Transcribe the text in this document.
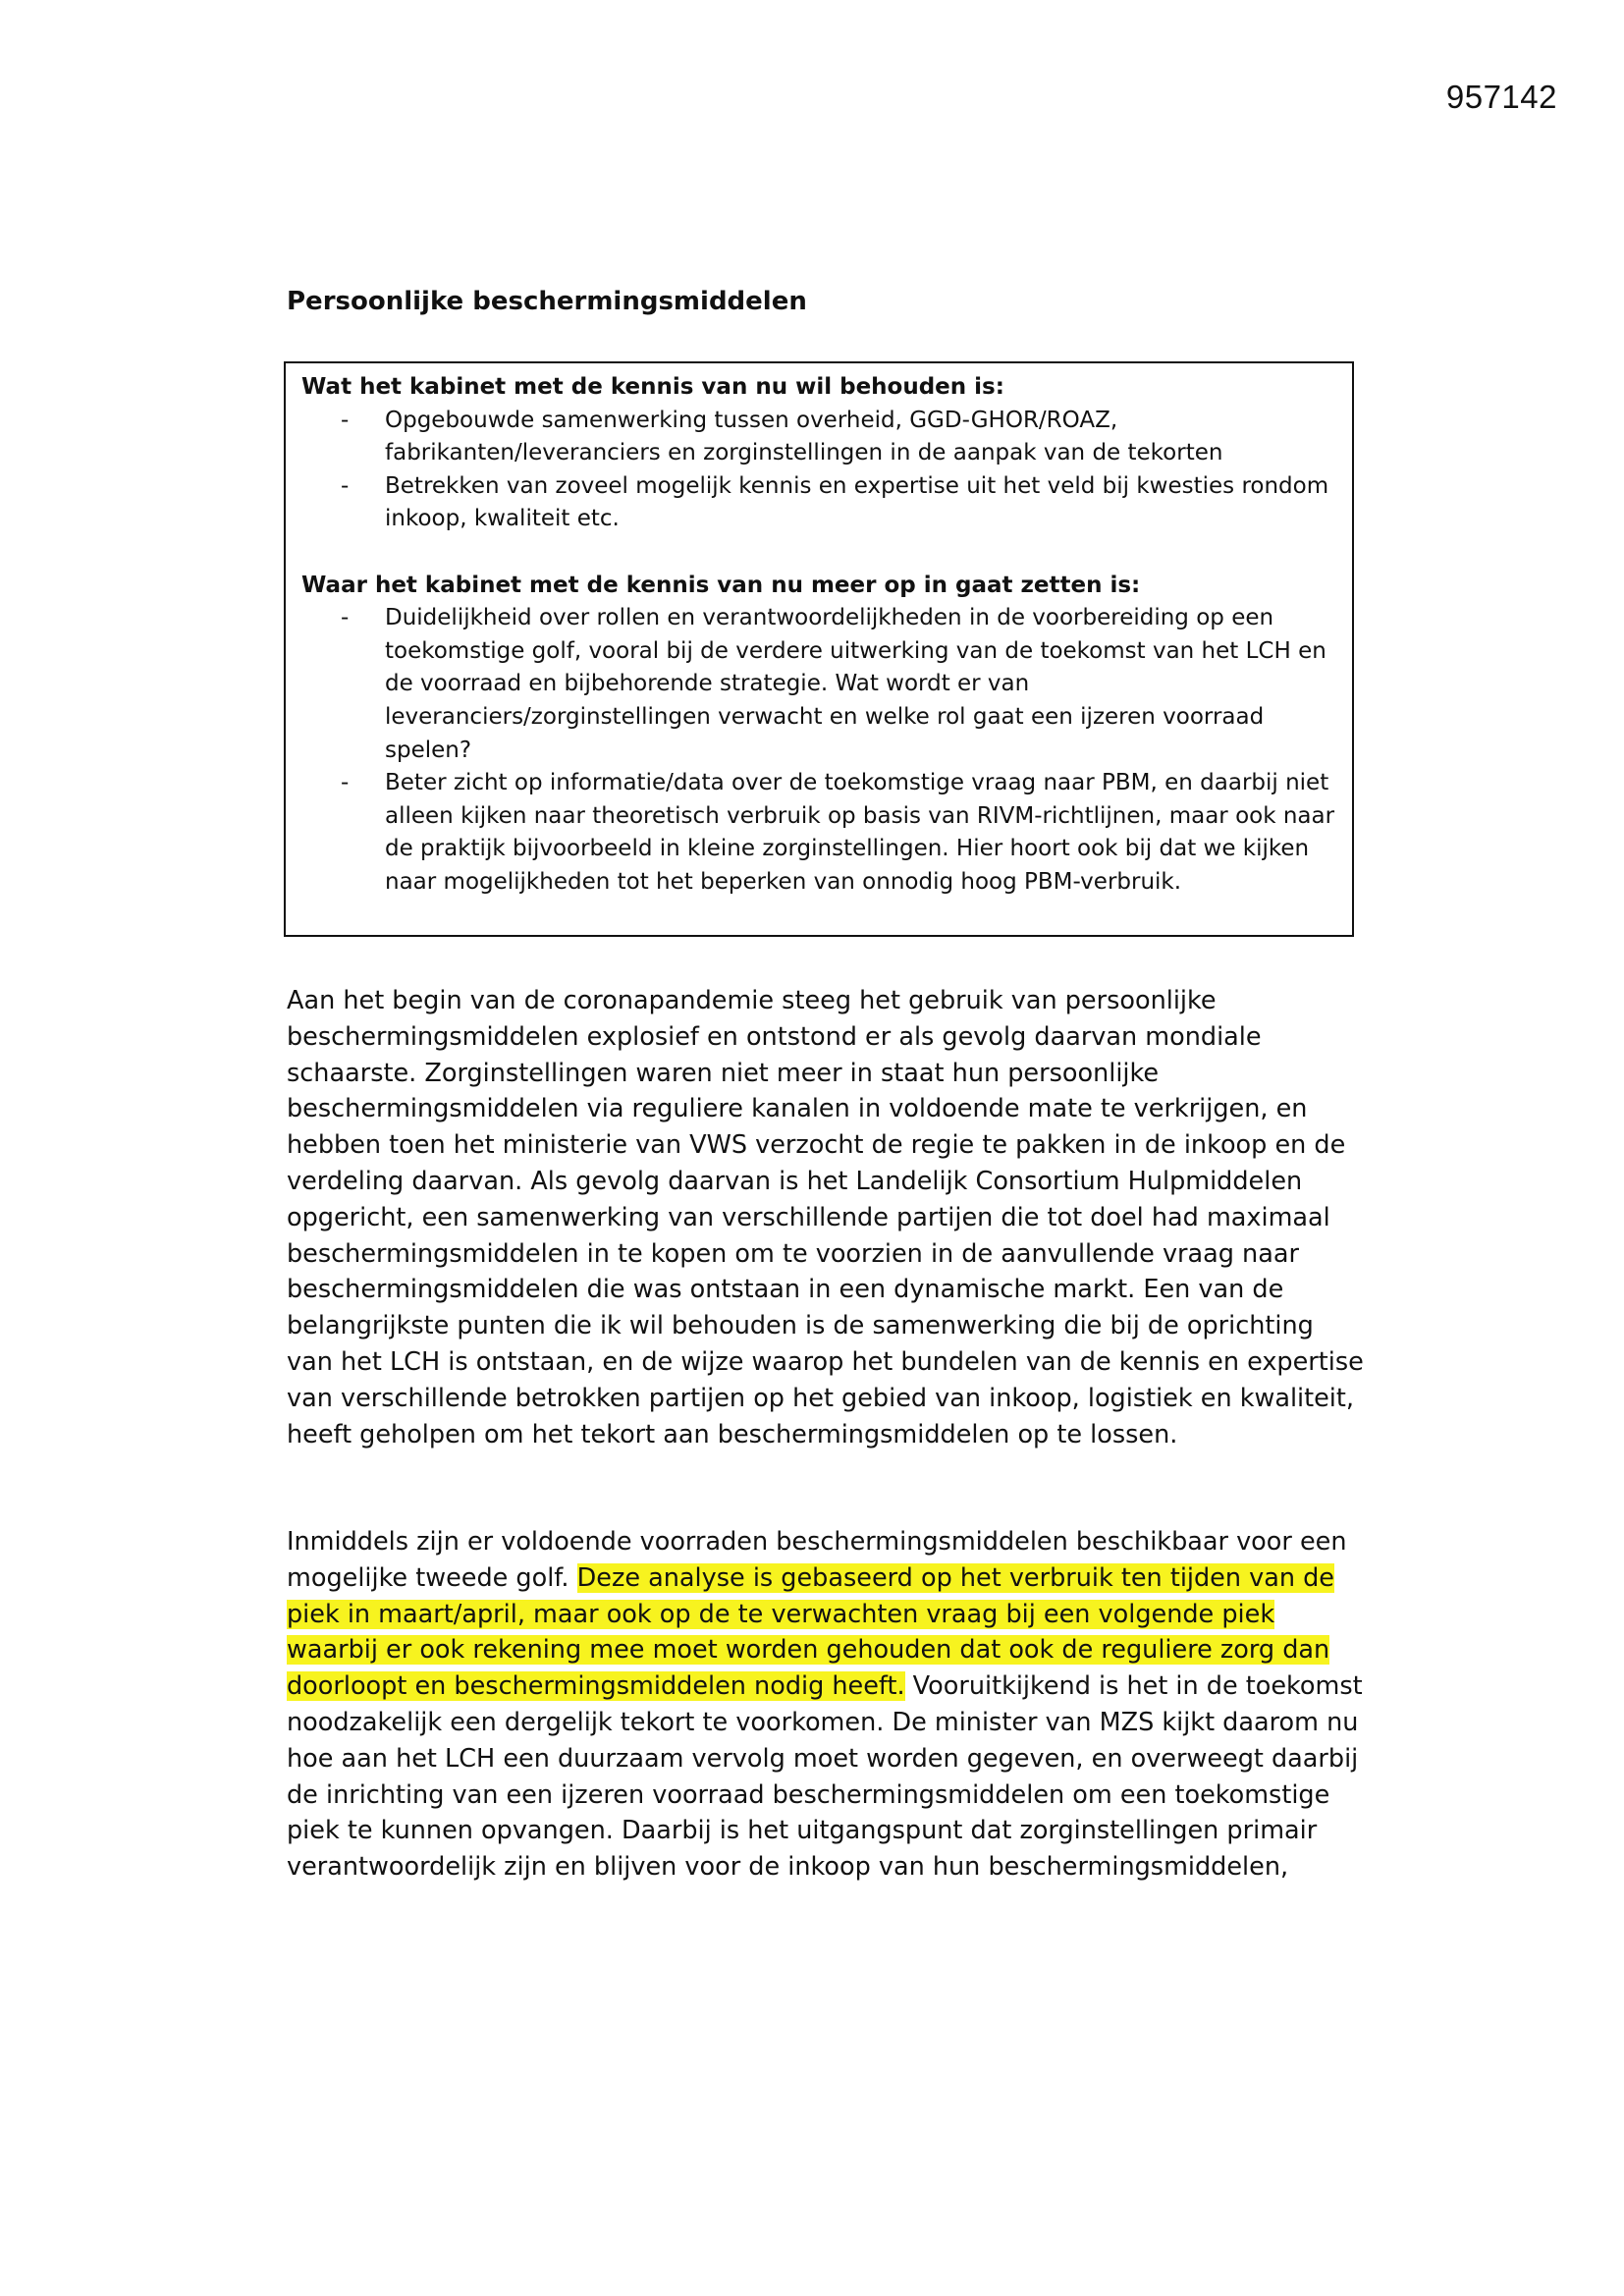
957142
Persoonlijke beschermingsmiddelen

Wat het kabinet met de kennis van nu wil behouden is:

- Opgebouwde samenwerking tussen overheid, GGD-GHOR/ROAZ, fabrikanten/leveranciers en zorginstellingen in de aanpak van de tekorten
- Betrekken van zoveel mogelijk kennis en expertise uit het veld bij kwesties rondom inkoop, kwaliteit etc.

Waar het kabinet met de kennis van nu meer op in gaat zetten is:

- Duidelijkheid over rollen en verantwoordelijkheden in de voorbereiding op een toekomstige golf, vooral bij de verdere uitwerking van de toekomst van het LCH en de voorraad en bijbehorende strategie. Wat wordt er van leveranciers/zorginstellingen verwacht en welke rol gaat een ijzeren voorraad spelen?
- Beter zicht op informatie/data over de toekomstige vraag naar PBM, en daarbij niet alleen kijken naar theoretisch verbruik op basis van RIVM-richtlijnen, maar ook naar de praktijk bijvoorbeeld in kleine zorginstellingen. Hier hoort ook bij dat we kijken naar mogelijkheden tot het beperken van onnodig hoog PBM-verbruik.

Aan het begin van de coronapandemie steeg het gebruik van persoonlijke beschermingsmiddelen explosief en ontstond er als gevolg daarvan mondiale schaarste. Zorginstellingen waren niet meer in staat hun persoonlijke beschermingsmiddelen via reguliere kanalen in voldoende mate te verkrijgen, en hebben toen het ministerie van VWS verzocht de regie te pakken in de inkoop en de verdeling daarvan. Als gevolg daarvan is het Landelijk Consortium Hulpmiddelen opgericht, een samenwerking van verschillende partijen die tot doel had maximaal beschermingsmiddelen in te kopen om te voorzien in de aanvullende vraag naar beschermingsmiddelen die was ontstaan in een dynamische markt. Een van de belangrijkste punten die ik wil behouden is de samenwerking die bij de oprichting van het LCH is ontstaan, en de wijze waarop het bundelen van de kennis en expertise van verschillende betrokken partijen op het gebied van inkoop, logistiek en kwaliteit, heeft geholpen om het tekort aan beschermingsmiddelen op te lossen.

Inmiddels zijn er voldoende voorraden beschermingsmiddelen beschikbaar voor een mogelijke tweede golf. Deze analyse is gebaseerd op het verbruik ten tijden van de piek in maart/april, maar ook op de te verwachten vraag bij een volgende piek waarbij er ook rekening mee moet worden gehouden dat ook de reguliere zorg dan doorloopt en beschermingsmiddelen nodig heeft. Vooruitkijkend is het in de toekomst noodzakelijk een dergelijk tekort te voorkomen. De minister van MZS kijkt daarom nu hoe aan het LCH een duurzaam vervolg moet worden gegeven, en overweegt daarbij de inrichting van een ijzeren voorraad beschermingsmiddelen om een toekomstige piek te kunnen opvangen. Daarbij is het uitgangspunt dat zorginstellingen primair verantwoordelijk zijn en blijven voor de inkoop van hun beschermingsmiddelen,
